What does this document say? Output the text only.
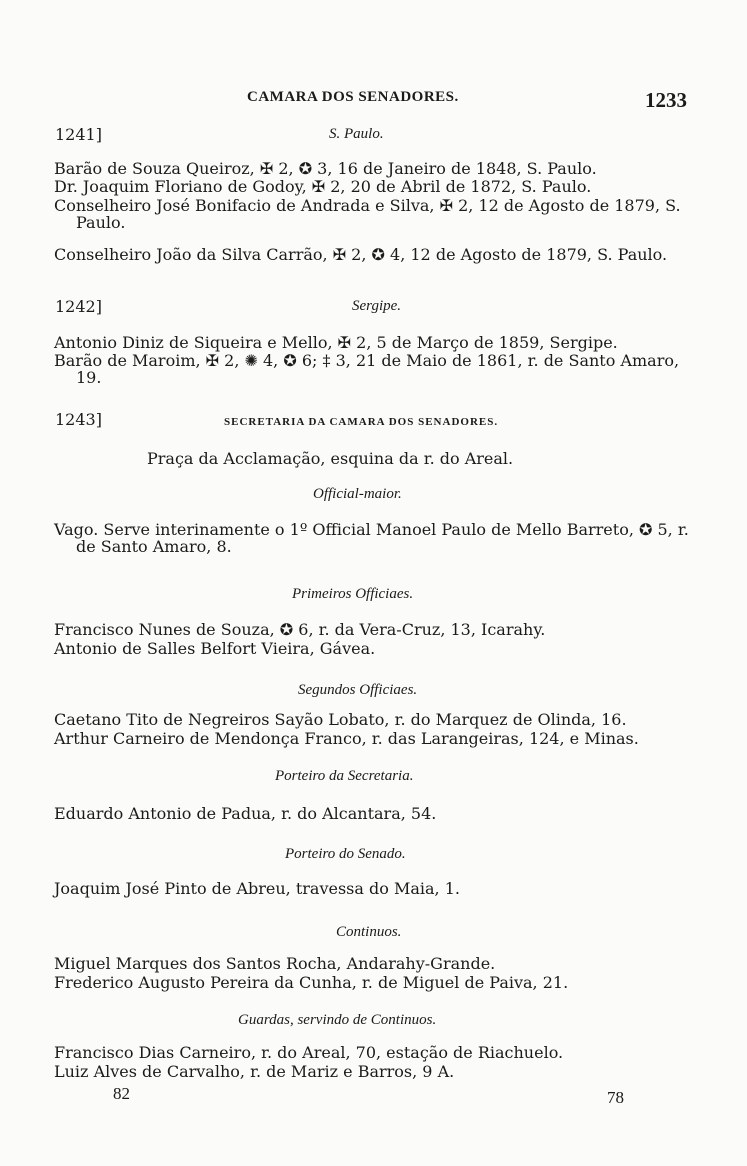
CAMARA DOS SENADORES.	1233
1241]	S. Paulo.
Barão de Souza Queiroz, ✠ 2, ✪ 3, 16 de Janeiro de 1848, S. Paulo.
Dr. Joaquim Floriano de Godoy, ✠ 2, 20 de Abril de 1872, S. Paulo.
Conselheiro José Bonifacio de Andrada e Silva, ✠ 2, 12 de Agosto de 1879, S. Paulo.
Conselheiro João da Silva Carrão, ✠ 2, ✪ 4, 12 de Agosto de 1879, S. Paulo.
1242]	Sergipe.
Antonio Diniz de Siqueira e Mello, ✠ 2, 5 de Março de 1859, Sergipe.
Barão de Maroim, ✠ 2, ✺ 4, ✪ 6; ‡ 3, 21 de Maio de 1861, r. de Santo Amaro, 19.
1243]	SECRETARIA DA CAMARA DOS SENADORES.
Praça da Acclamação, esquina da r. do Areal.
Official-maior.
Vago. Serve interinamente o 1º Official Manoel Paulo de Mello Barreto, ✪ 5, r. de Santo Amaro, 8.
Primeiros Officiaes.
Francisco Nunes de Souza, ✪ 6, r. da Vera-Cruz, 13, Icarahy.
Antonio de Salles Belfort Vieira, Gávea.
Segundos Officiaes.
Caetano Tito de Negreiros Sayão Lobato, r. do Marquez de Olinda, 16.
Arthur Carneiro de Mendonça Franco, r. das Larangeiras, 124, e Minas.
Porteiro da Secretaria.
Eduardo Antonio de Padua, r. do Alcantara, 54.
Porteiro do Senado.
Joaquim José Pinto de Abreu, travessa do Maia, 1.
Continuos.
Miguel Marques dos Santos Rocha, Andarahy-Grande.
Frederico Augusto Pereira da Cunha, r. de Miguel de Paiva, 21.
Guardas, servindo de Continuos.
Francisco Dias Carneiro, r. do Areal, 70, estação de Riachuelo.
Luiz Alves de Carvalho, r. de Mariz e Barros, 9 A.
82	78
